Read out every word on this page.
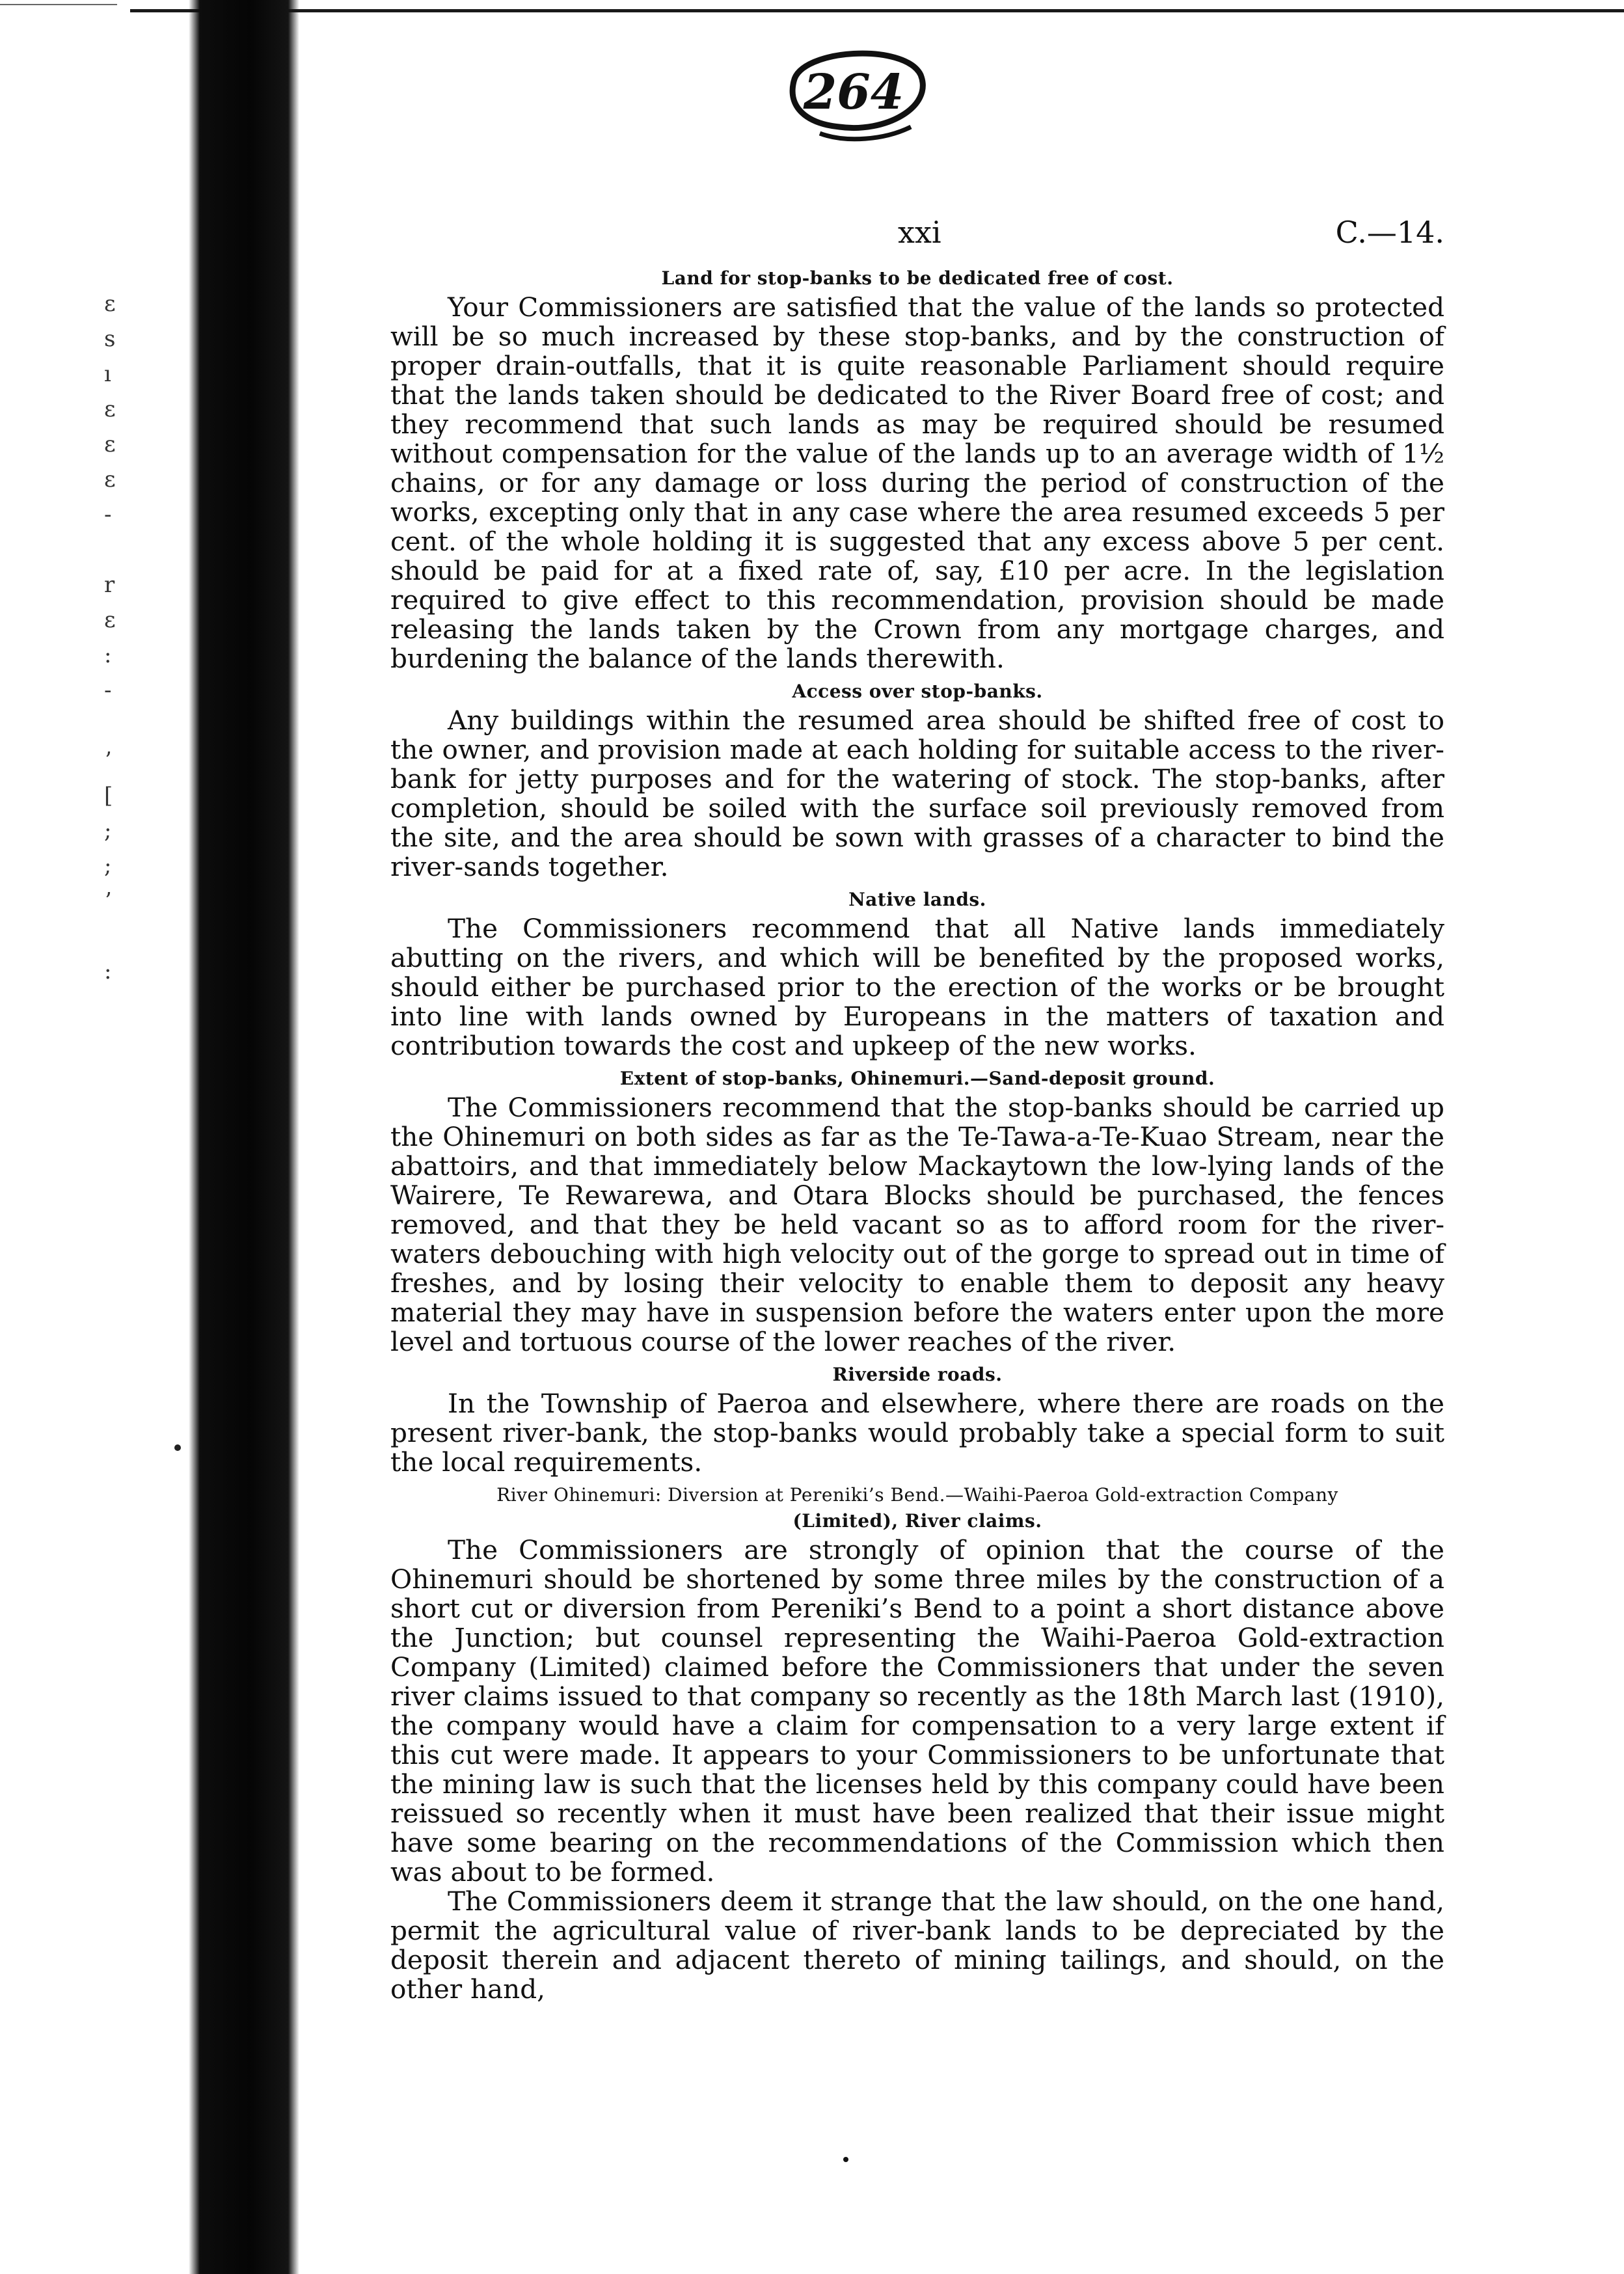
ε
s
ı
ε
ε
ε
-
r
ε
:
-
ʼ
[
;
;
ʼ
:
264
xxi	C.—14.
Land for stop-banks to be dedicated free of cost.

Your Commissioners are satisfied that the value of the lands so protected will be so much increased by these stop-banks, and by the construction of proper drain-outfalls, that it is quite reasonable Parliament should require that the lands taken should be dedicated to the River Board free of cost; and they recommend that such lands as may be required should be resumed without compensation for the value of the lands up to an average width of 1½ chains, or for any damage or loss during the period of construction of the works, excepting only that in any case where the area resumed exceeds 5 per cent. of the whole holding it is suggested that any excess above 5 per cent. should be paid for at a fixed rate of, say, £10 per acre. In the legislation required to give effect to this recommendation, provision should be made releasing the lands taken by the Crown from any mortgage charges, and burdening the balance of the lands therewith.

Access over stop-banks.

Any buildings within the resumed area should be shifted free of cost to the owner, and provision made at each holding for suitable access to the river-bank for jetty purposes and for the watering of stock. The stop-banks, after completion, should be soiled with the surface soil previously removed from the site, and the area should be sown with grasses of a character to bind the river-sands together.

Native lands.

The Commissioners recommend that all Native lands immediately abutting on the rivers, and which will be benefited by the proposed works, should either be purchased prior to the erection of the works or be brought into line with lands owned by Europeans in the matters of taxation and contribution towards the cost and upkeep of the new works.

Extent of stop-banks, Ohinemuri.—Sand-deposit ground.

The Commissioners recommend that the stop-banks should be carried up the Ohinemuri on both sides as far as the Te-Tawa-a-Te-Kuao Stream, near the abattoirs, and that immediately below Mackaytown the low-lying lands of the Wairere, Te Rewarewa, and Otara Blocks should be purchased, the fences removed, and that they be held vacant so as to afford room for the river-waters debouching with high velocity out of the gorge to spread out in time of freshes, and by losing their velocity to enable them to deposit any heavy material they may have in suspension before the waters enter upon the more level and tortuous course of the lower reaches of the river.

Riverside roads.

In the Township of Paeroa and elsewhere, where there are roads on the present river-bank, the stop-banks would probably take a special form to suit the local requirements.

River Ohinemuri: Diversion at Pereniki’s Bend.—Waihi-Paeroa Gold-extraction Company
(Limited), River claims.

The Commissioners are strongly of opinion that the course of the Ohinemuri should be shortened by some three miles by the construction of a short cut or diversion from Pereniki’s Bend to a point a short distance above the Junction; but counsel representing the Waihi-Paeroa Gold-extraction Company (Limited) claimed before the Commissioners that under the seven river claims issued to that company so recently as the 18th March last (1910), the company would have a claim for compensation to a very large extent if this cut were made. It appears to your Commissioners to be unfortunate that the mining law is such that the licenses held by this company could have been reissued so recently when it must have been realized that their issue might have some bearing on the recommendations of the Commission which then was about to be formed.

The Commissioners deem it strange that the law should, on the one hand, permit the agricultural value of river-bank lands to be depreciated by the deposit therein and adjacent thereto of mining tailings, and should, on the other hand,
